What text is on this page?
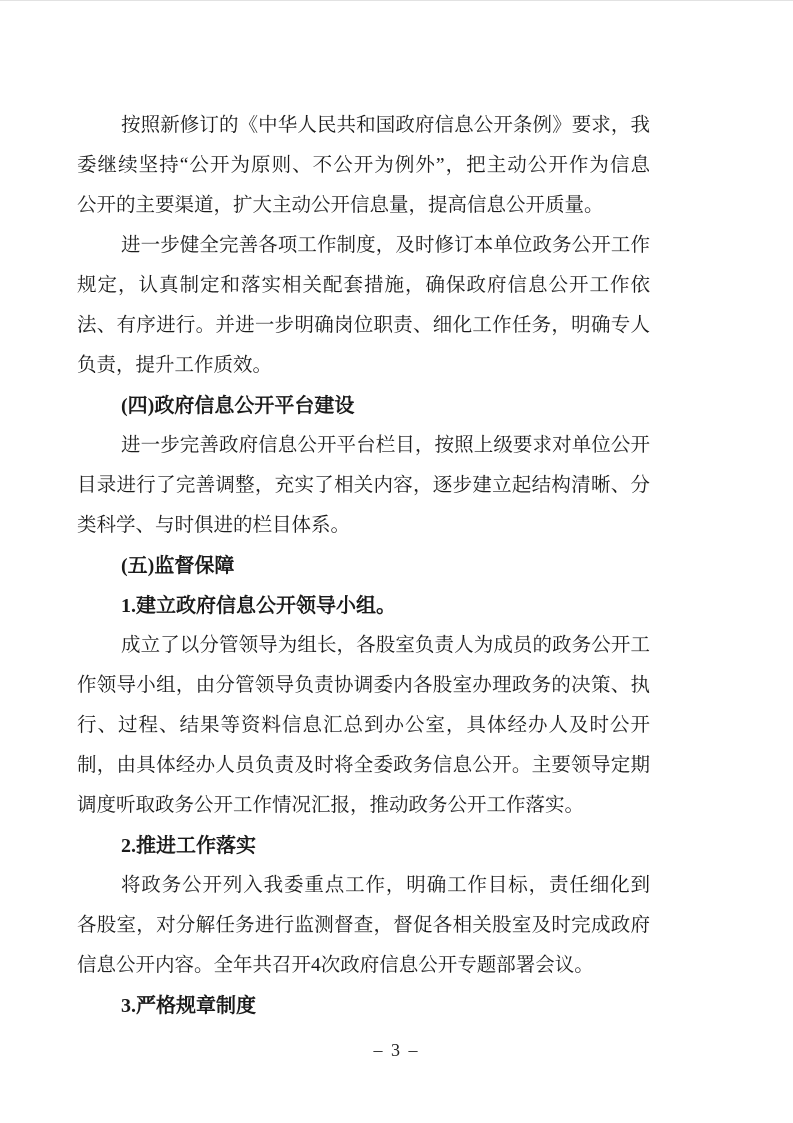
按照新修订的《中华人民共和国政府信息公开条例》要求，我
委继续坚持“公开为原则、不公开为例外”，把主动公开作为信息
公开的主要渠道，扩大主动公开信息量，提高信息公开质量。
进一步健全完善各项工作制度，及时修订本单位政务公开工作
规定，认真制定和落实相关配套措施，确保政府信息公开工作依
法、有序进行。并进一步明确岗位职责、细化工作任务，明确专人
负责，提升工作质效。
(四)政府信息公开平台建设
进一步完善政府信息公开平台栏目，按照上级要求对单位公开
目录进行了完善调整，充实了相关内容，逐步建立起结构清晰、分
类科学、与时俱进的栏目体系。
(五)监督保障
1.建立政府信息公开领导小组。
成立了以分管领导为组长，各股室负责人为成员的政务公开工
作领导小组，由分管领导负责协调委内各股室办理政务的决策、执
行、过程、结果等资料信息汇总到办公室，具体经办人及时公开
制，由具体经办人员负责及时将全委政务信息公开。主要领导定期
调度听取政务公开工作情况汇报，推动政务公开工作落实。
2.推进工作落实
将政务公开列入我委重点工作，明确工作目标，责任细化到
各股室，对分解任务进行监测督查，督促各相关股室及时完成政府
信息公开内容。全年共召开4次政府信息公开专题部署会议。
3.严格规章制度
– 3 –
